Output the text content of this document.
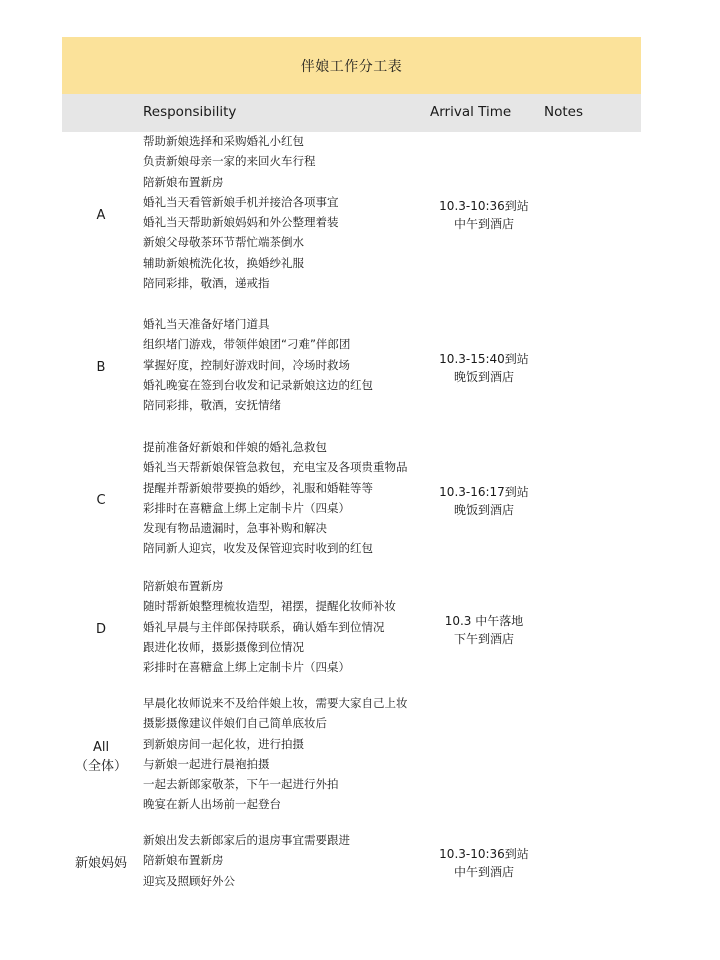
伴娘工作分工表
Responsibility	Arrival Time Notes
A
帮助新娘选择和采购婚礼小红包
负责新娘母亲一家的来回火车行程
陪新娘布置新房
婚礼当天看管新娘手机并接洽各项事宜
婚礼当天帮助新娘妈妈和外公整理着装
新娘父母敬茶环节帮忙端茶倒水
辅助新娘梳洗化妆，换婚纱礼服
陪同彩排，敬酒，递戒指
10.3-10:36到站
中午到酒店
B
婚礼当天准备好堵门道具
组织堵门游戏，带领伴娘团“刁难”伴郎团
掌握好度，控制好游戏时间，冷场时救场
婚礼晚宴在签到台收发和记录新娘这边的红包
陪同彩排，敬酒，安抚情绪
10.3-15:40到站
晚饭到酒店
C
提前准备好新娘和伴娘的婚礼急救包
婚礼当天帮新娘保管急救包，充电宝及各项贵重物品
提醒并帮新娘带要换的婚纱，礼服和婚鞋等等
彩排时在喜糖盒上绑上定制卡片（四桌）
发现有物品遗漏时，急事补购和解决
陪同新人迎宾，收发及保管迎宾时收到的红包
10.3-16:17到站
晚饭到酒店
D
陪新娘布置新房
随时帮新娘整理梳妆造型，裙摆，提醒化妆师补妆
婚礼早晨与主伴郎保持联系，确认婚车到位情况
跟进化妆师，摄影摄像到位情况
彩排时在喜糖盒上绑上定制卡片（四桌）
10.3 中午落地
下午到酒店
All
（全体）
早晨化妆师说来不及给伴娘上妆，需要大家自己上妆
摄影摄像建议伴娘们自己简单底妆后
到新娘房间一起化妆，进行拍摄
与新娘一起进行晨袍拍摄
一起去新郎家敬茶，下午一起进行外拍
晚宴在新人出场前一起登台
新娘妈妈
新娘出发去新郎家后的退房事宜需要跟进
陪新娘布置新房
迎宾及照顾好外公
10.3-10:36到站
中午到酒店
